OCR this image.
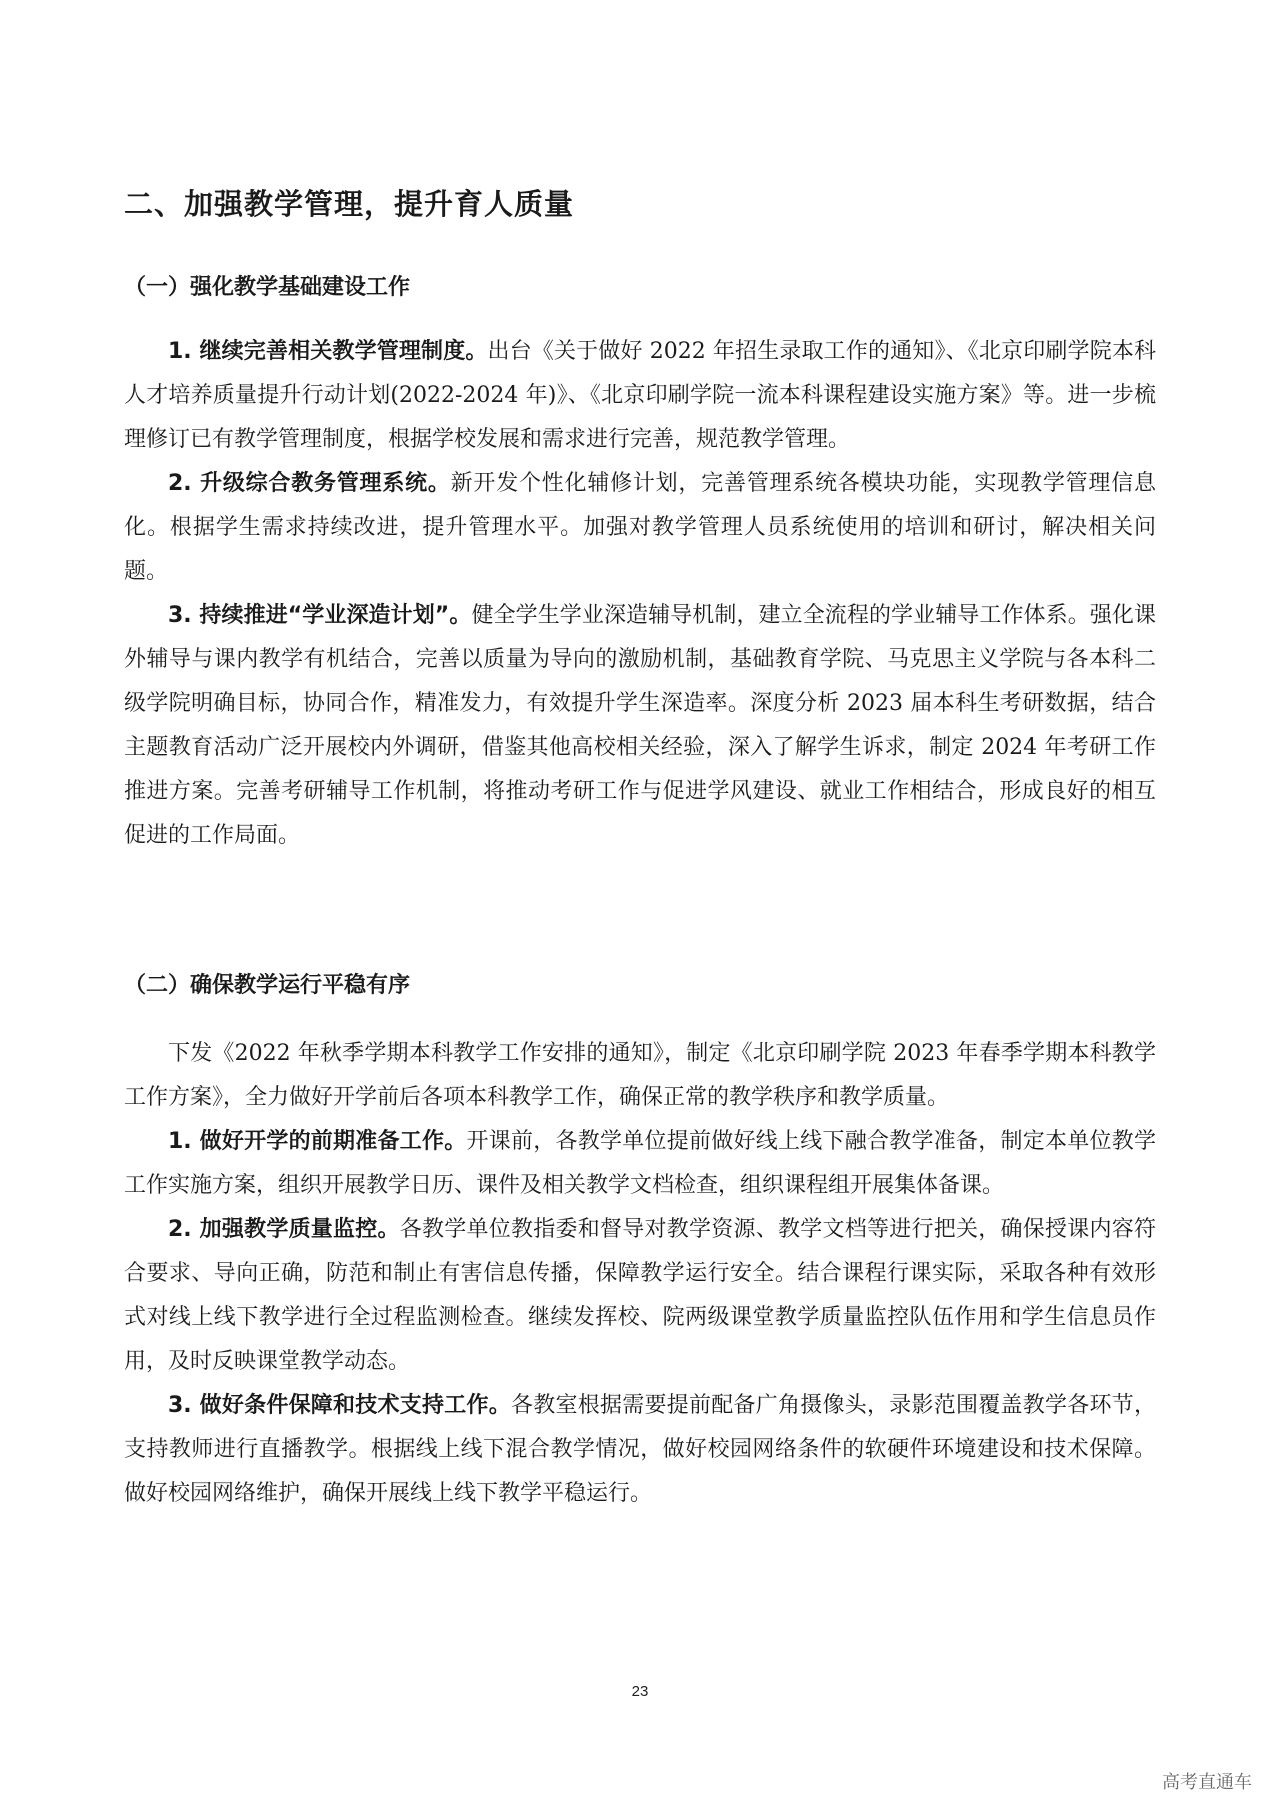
二、加强教学管理，提升育人质量
（一）强化教学基础建设工作

1. 继续完善相关教学管理制度。出台《关于做好 2022 年招生录取工作的通知》、《北京印刷学院本科人才培养质量提升行动计划(2022-2024 年)》、《北京印刷学院一流本科课程建设实施方案》等。进一步梳理修订已有教学管理制度，根据学校发展和需求进行完善，规范教学管理。

2. 升级综合教务管理系统。新开发个性化辅修计划，完善管理系统各模块功能，实现教学管理信息化。根据学生需求持续改进，提升管理水平。加强对教学管理人员系统使用的培训和研讨，解决相关问题。

3. 持续推进“学业深造计划”。健全学生学业深造辅导机制，建立全流程的学业辅导工作体系。强化课外辅导与课内教学有机结合，完善以质量为导向的激励机制，基础教育学院、马克思主义学院与各本科二级学院明确目标，协同合作，精准发力，有效提升学生深造率。深度分析 2023 届本科生考研数据，结合主题教育活动广泛开展校内外调研，借鉴其他高校相关经验，深入了解学生诉求，制定 2024 年考研工作推进方案。完善考研辅导工作机制，将推动考研工作与促进学风建设、就业工作相结合，形成良好的相互促进的工作局面。

（二）确保教学运行平稳有序

下发《2022 年秋季学期本科教学工作安排的通知》，制定《北京印刷学院 2023 年春季学期本科教学工作方案》，全力做好开学前后各项本科教学工作，确保正常的教学秩序和教学质量。

1. 做好开学的前期准备工作。开课前，各教学单位提前做好线上线下融合教学准备，制定本单位教学工作实施方案，组织开展教学日历、课件及相关教学文档检查，组织课程组开展集体备课。

2. 加强教学质量监控。各教学单位教指委和督导对教学资源、教学文档等进行把关，确保授课内容符合要求、导向正确，防范和制止有害信息传播，保障教学运行安全。结合课程行课实际，采取各种有效形式对线上线下教学进行全过程监测检查。继续发挥校、院两级课堂教学质量监控队伍作用和学生信息员作用，及时反映课堂教学动态。

3. 做好条件保障和技术支持工作。各教室根据需要提前配备广角摄像头，录影范围覆盖教学各环节，支持教师进行直播教学。根据线上线下混合教学情况，做好校园网络条件的软硬件环境建设和技术保障。做好校园网络维护，确保开展线上线下教学平稳运行。

23
高考直通车
